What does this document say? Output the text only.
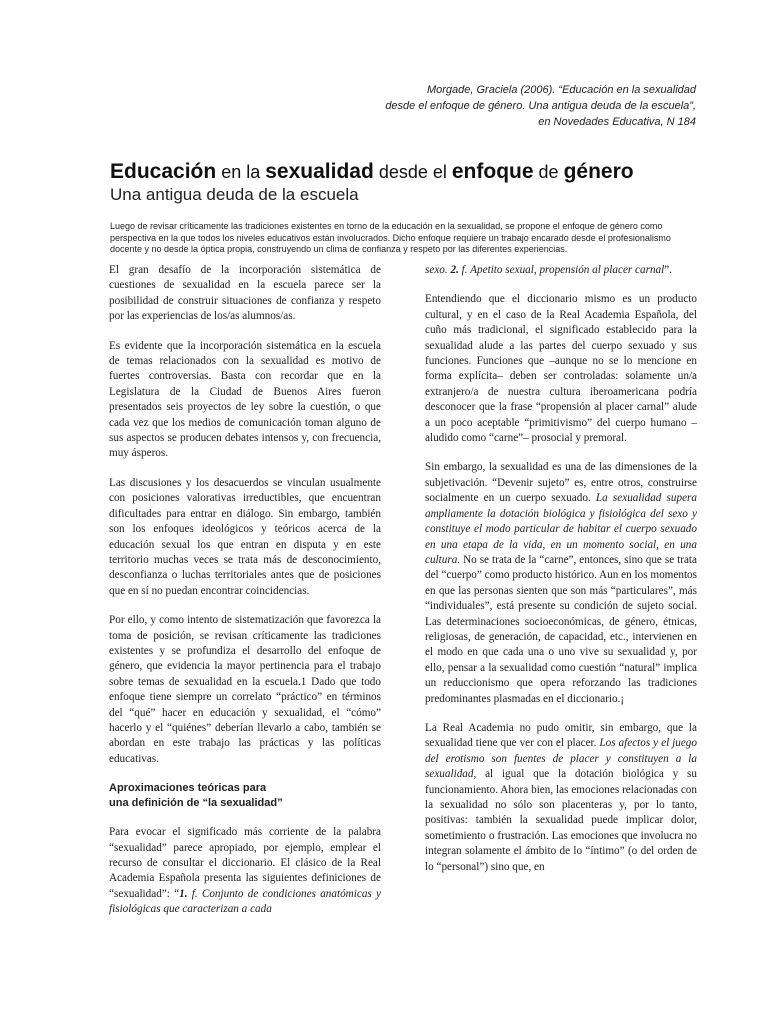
Morgade, Graciela (2006). “Educación en la sexualidad
desde el enfoque de género. Una antigua deuda de la escuela”,
en Novedades Educativa, N 184
Educación en la sexualidad desde el enfoque de género
Una antigua deuda de la escuela
Luego de revisar críticamente las tradiciones existentes en torno de la educación en la sexualidad, se propone el enfoque de género como perspectiva en la que todos los niveles educativos están involucrados. Dicho enfoque requiere un trabajo encarado desde el profesionalismo docente y no desde la óptica propia, construyendo un clima de confianza y respeto por las diferentes experiencias.

El gran desafío de la incorporación sistemática de cuestiones de sexualidad en la escuela parece ser la posibilidad de construir situaciones de confianza y respeto por las experiencias de los/as alumnos/as.

Es evidente que la incorporación sistemática en la escuela de temas relacionados con la sexualidad es motivo de fuertes controversias. Basta con recordar que en la Legislatura de la Ciudad de Buenos Aires fueron presentados seis proyectos de ley sobre la cuestión, o que cada vez que los medios de comunicación toman alguno de sus aspectos se producen debates intensos y, con frecuencia, muy ásperos.

Las discusiones y los desacuerdos se vinculan usualmente con posiciones valorativas irreductibles, que encuentran dificultades para entrar en diálogo. Sin embargo, también son los enfoques ideológicos y teóricos acerca de la educación sexual los que entran en disputa y en este territorio muchas veces se trata más de desconocimiento, desconfianza o luchas territoriales antes que de posiciones que en sí no puedan encontrar coincidencias.

Por ello, y como intento de sistematización que favorezca la toma de posición, se revisan críticamente las tradiciones existentes y se profundiza el desarrollo del enfoque de género, que evidencia la mayor pertinencia para el trabajo sobre temas de sexualidad en la escuela.1 Dado que todo enfoque tiene siempre un correlato “práctico” en términos del “qué” hacer en educación y sexualidad, el “cómo” hacerlo y el “quiénes” deberían llevarlo a cabo, también se abordan en este trabajo las prácticas y las políticas educativas.

Aproximaciones teóricas para
una definición de “la sexualidad”

Para evocar el significado más corriente de la palabra “sexualidad” parece apropiado, por ejemplo, emplear el recurso de consultar el diccionario. El clásico de la Real Academia Española presenta las siguientes definiciones de “sexualidad”: “1. f. Conjunto de condiciones anatómicas y fisiológicas que caracterizan a cada

sexo. 2. f. Apetito sexual, propensión al placer carnal”.

Entendiendo que el diccionario mismo es un producto cultural, y en el caso de la Real Academia Española, del cuño más tradicional, el significado establecido para la sexualidad alude a las partes del cuerpo sexuado y sus funciones. Funciones que –aunque no se lo mencione en forma explícita– deben ser controladas: solamente un/a extranjero/a de nuestra cultura iberoamericana podría desconocer que la frase “propensión al placer carnal” alude a un poco aceptable “primitivismo” del cuerpo humano –aludido como “carne”– prosocial y premoral.

Sin embargo, la sexualidad es una de las dimensiones de la subjetivación. “Devenir sujeto” es, entre otros, construirse socialmente en un cuerpo sexuado. La sexualidad supera ampliamente la dotación biológica y fisiológica del sexo y constituye el modo particular de habitar el cuerpo sexuado en una etapa de la vida, en un momento social, en una cultura. No se trata de la “carne”, entonces, sino que se trata del “cuerpo” como producto histórico. Aun en los momentos en que las personas sienten que son más “particulares”, más “individuales”, está presente su condición de sujeto social. Las determinaciones socioeconómicas, de género, étnicas, religiosas, de generación, de capacidad, etc., intervienen en el modo en que cada una o uno vive su sexualidad y, por ello, pensar a la sexualidad como cuestión “natural” implica un reduccionismo que opera reforzando las tradiciones predominantes plasmadas en el diccionario.¡

La Real Academia no pudo omitir, sin embargo, que la sexualidad tiene que ver con el placer. Los afectos y el juego del erotismo son fuentes de placer y constituyen a la sexualidad, al igual que la dotación biológica y su funcionamiento. Ahora bien, las emociones relacionadas con la sexualidad no sólo son placenteras y, por lo tanto, positivas: también la sexualidad puede implicar dolor, sometimiento o frustración. Las emociones que involucra no integran solamente el ámbito de lo “íntimo” (o del orden de lo “personal”) sino que, en
